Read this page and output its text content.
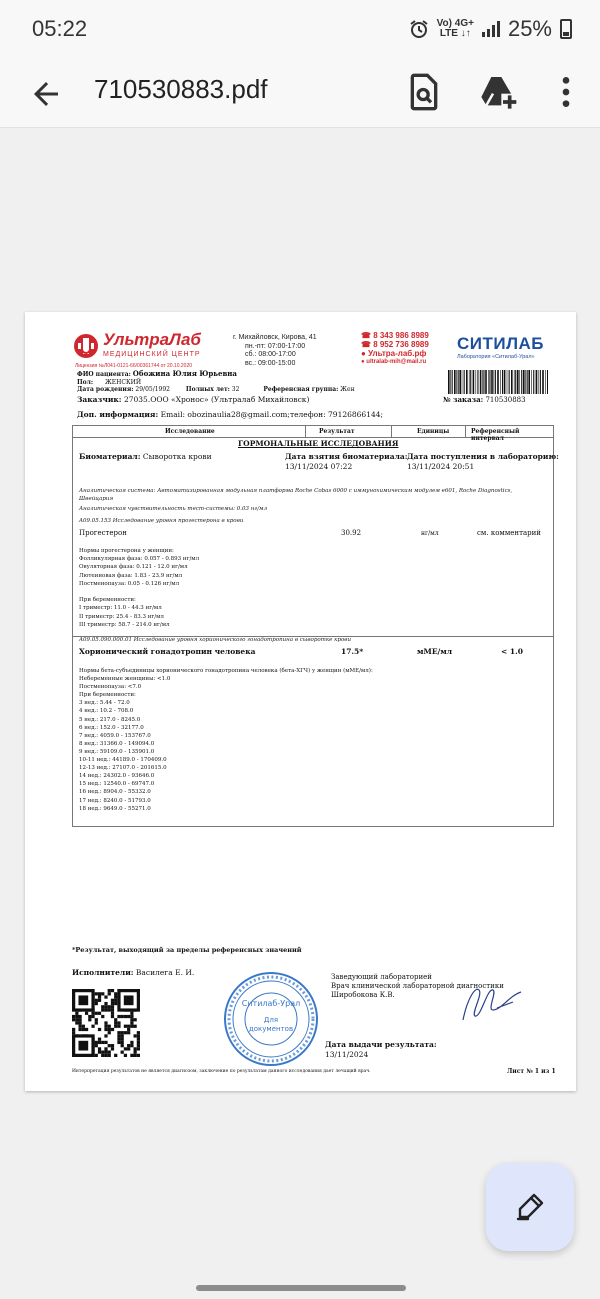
05:22	Vo) 4G+
LTE ↓↑ 25%
710530883.pdf
УльтраЛаб
МЕДИЦИНСКИЙ ЦЕНТР
Лицензия №Л041-0121-66/00361744 от 20.10.2020
г. Михайловск, Кирова, 41
пн.-пт: 07:00-17:00
сб.: 08:00-17:00
вс.: 09:00-15:00
☎ 8 343 986 8989
☎ 8 952 736 8989
● Ультра-лаб.рф
● ultralab-mih@mail.ru
СИТИЛАБ
Лаборатория «Ситилаб-Урал»
ФИО пациента: Обожина Юлия Юрьевна
Пол: ЖЕНСКИЙ
Дата рождения: 29/05/1992	Полных лет: 32	Референсная группа: Жен
№ заказа: 710530883
Заказчик: 27035.ООО «Хронос» (Ультралаб Михайловск)
Доп. информация: Email: obozinaulia28@gmail.com;телефон: 79126866144;
Исследование	Результат	Единицы	Референсный интервал
ГОРМОНАЛЬНЫЕ ИССЛЕДОВАНИЯ
Биоматериал: Сыворотка крови	Дата взятия биоматериала:
13/11/2024 07:22
Дата поступления в лабораторию:
13/11/2024 20:51
Аналитическая система: Автоматизированная модульная платформа Roche Cobas 6000 с иммунохимическим модулем e601, Roche Diagnostics, Швейцария
Аналитическая чувствительность тест-системы: 0.03 нг/мл
A09.05.153 Исследование уровня прогестерона в крови
Прогестерон	30.92	нг/мл	см. комментарий
Нормы прогестерона у женщин:
Фолликулярная фаза: 0.057 - 0.893 нг/мл
Овуляторная фаза: 0.121 - 12.0 нг/мл
Лютеиновая фаза: 1.83 - 23.9 нг/мл
Постменопауза: 0.05 - 0.126 нг/мл

При беременности:
I триместр: 11.0 - 44.3 нг/мл
II триместр: 25.4 - 83.3 нг/мл
III триместр: 58.7 - 214.0 нг/мл
A09.05.090.000.01 Исследование уровня хорионического гонадотропина в сыворотке крови
Хорионический гонадотропин человека	17.5*	мМЕ/мл	< 1.0
Нормы бета-субъединицы хорионического гонадотропина человека (бета-ХГЧ) у женщин (мМЕ/мл):
Небеременные женщины: <1.0
Постменопауза: <7.0
При беременности:
3 нед.: 5.44 - 72.0
4 нед.: 10.2 - 708.0
5 нед.: 217.0 - 8245.0
6 нед.: 152.0 - 32177.0
7 нед.: 4059.0 - 153767.0
8 нед.: 31366.0 - 149094.0
9 нед.: 59109.0 - 135901.0
10-11 нед.: 44189.0 - 170409.0
12-13 нед.: 27107.0 - 201615.0
14 нед.: 24302.0 - 93646.0
15 нед.: 12540.0 - 69747.0
16 нед.: 8904.0 - 55332.0
17 нед.: 8240.0 - 51793.0
18 нед.: 9649.0 - 55271.0
*Результат, выходящий за пределы референсных значений
Исполнители: Василега Е. И.
Ситилаб-Урал
Для
документов
Заведующий лабораторией
Врач клинической лабораторной диагностики
Широбокова К.В.
Дата выдачи результата:
13/11/2024
Интерпретация результатов не является диагнозом, заключение по результатам данного исследования дает лечащий врач.	Лист № 1 из 1
